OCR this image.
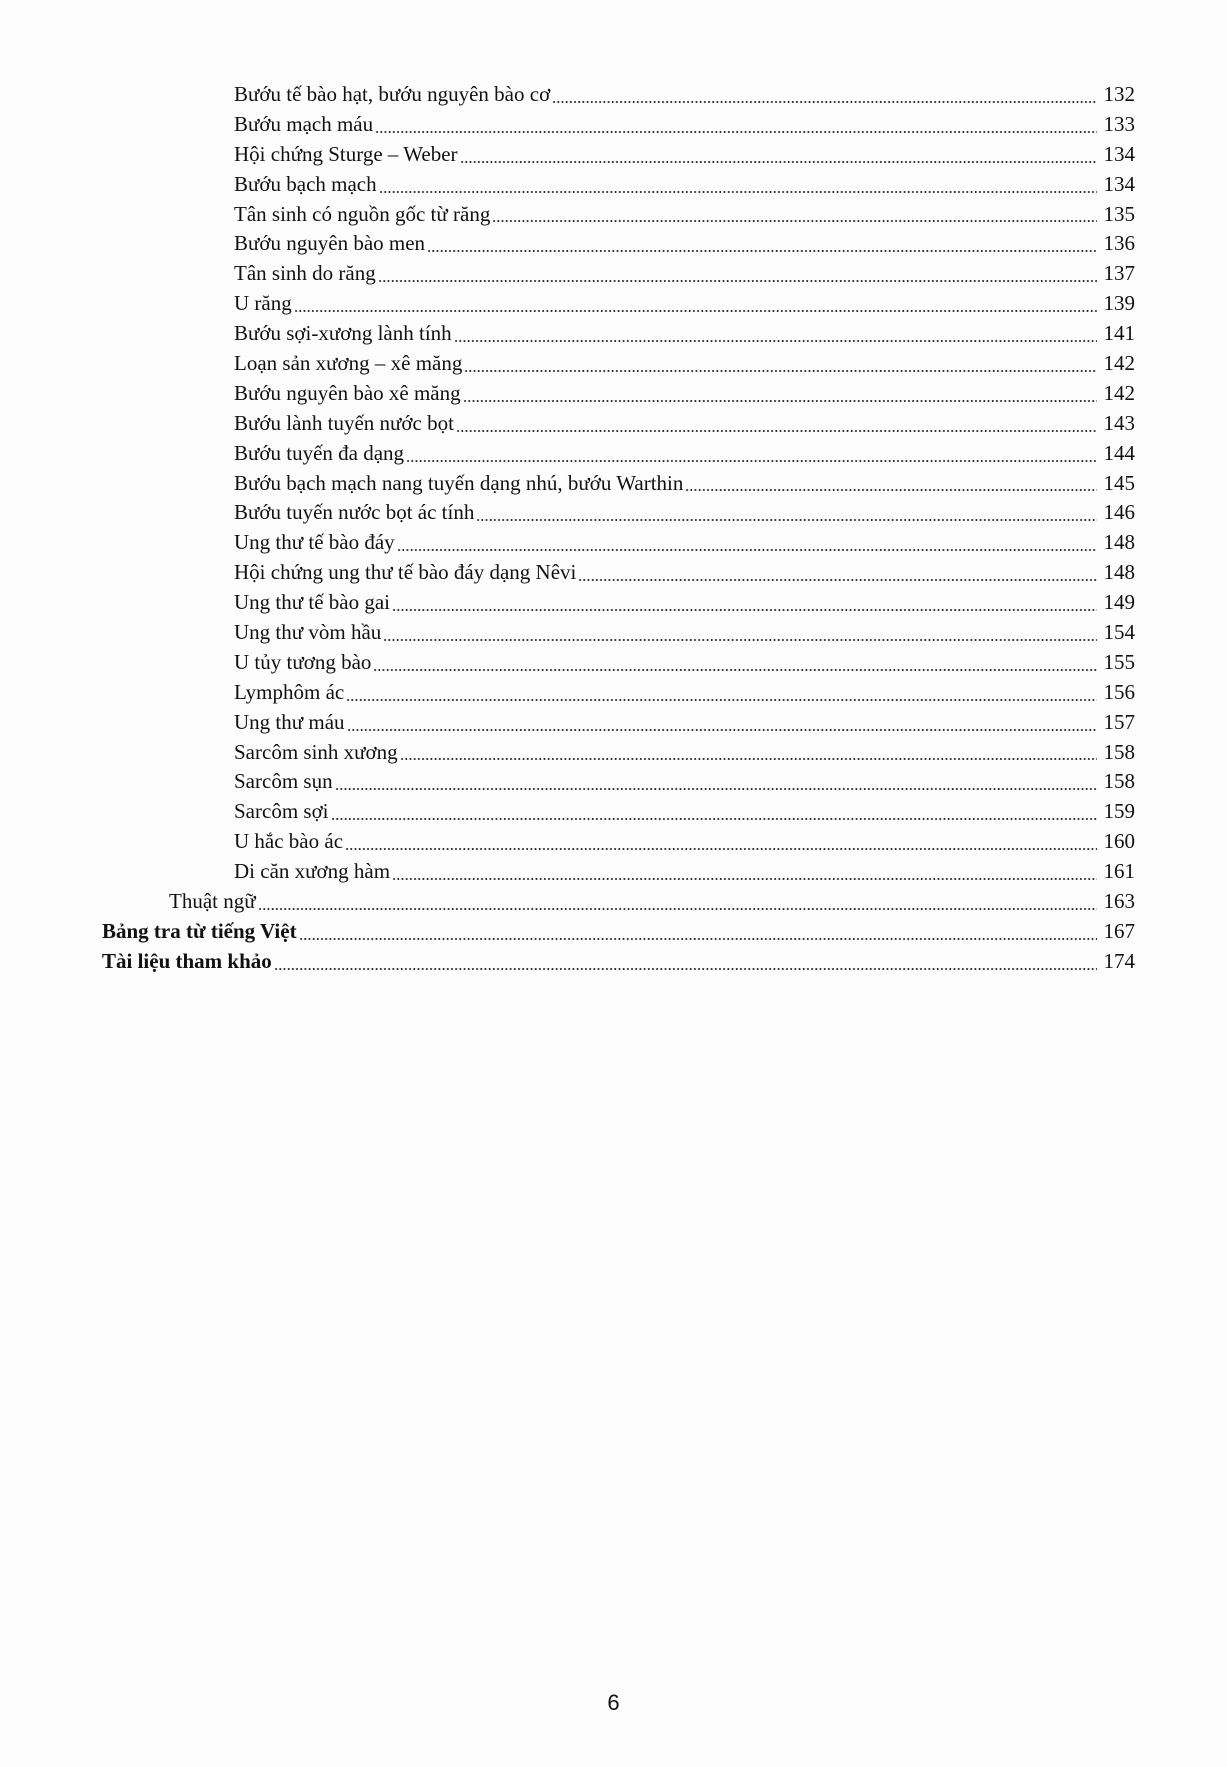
Bướu tế bào hạt, bướu nguyên bào cơ	132
Bướu mạch máu	133
Hội chứng Sturge – Weber	134
Bướu bạch mạch	134
Tân sinh có nguồn gốc từ răng	135
Bướu nguyên bào men	136
Tân sinh do răng	137
U răng	139
Bướu sợi-xương lành tính	141
Loạn sản xương – xê măng	142
Bướu nguyên bào xê măng	142
Bướu lành tuyến nước bọt	143
Bướu tuyến đa dạng	144
Bướu bạch mạch nang tuyến dạng nhú, bướu Warthin	145
Bướu tuyến nước bọt ác tính	146
Ung thư tế bào đáy	148
Hội chứng ung thư tế bào đáy dạng Nêvi	148
Ung thư tế bào gai	149
Ung thư vòm hầu	154
U tủy tương bào	155
Lymphôm ác	156
Ung thư máu	157
Sarcôm sinh xương	158
Sarcôm sụn	158
Sarcôm sợi	159
U hắc bào ác	160
Di căn xương hàm	161
Thuật ngữ	163
Bảng tra từ tiếng Việt	167
Tài liệu tham khảo	174
6
